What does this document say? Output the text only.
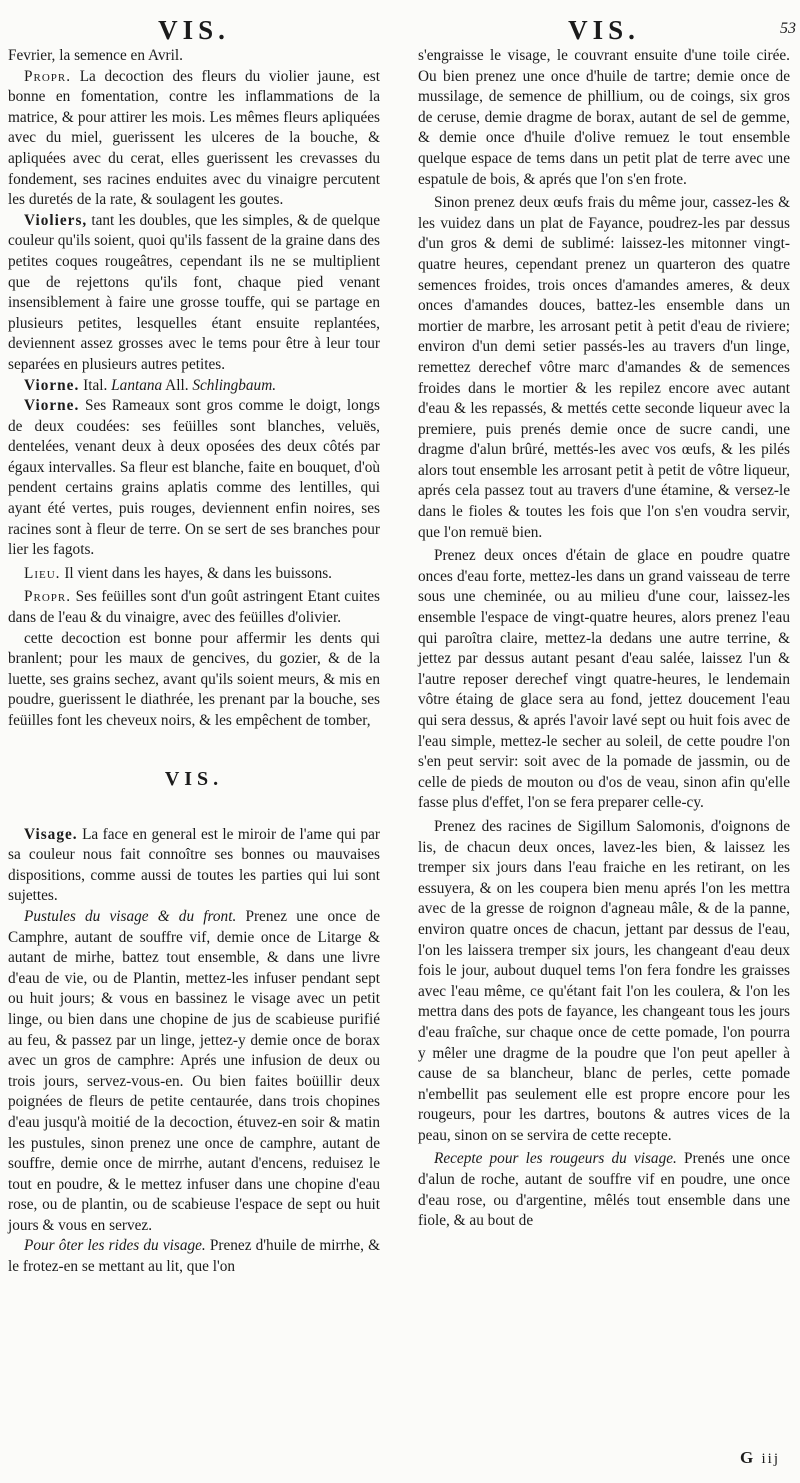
VIS.

Fevrier, la semence en Avril.

Propr. La decoction des fleurs du violier jaune, est bonne en fomentation, contre les inflammations de la matrice, & pour attirer les mois. Les mêmes fleurs apliquées avec du miel, guerissent les ulceres de la bouche, & apliquées avec du cerat, elles guerissent les crevasses du fondement, ses racines enduites avec du vinaigre percutent les duretés de la rate, & soulagent les goutes.

Violiers, tant les doubles, que les simples, & de quelque couleur qu'ils soient, quoi qu'ils fassent de la graine dans des petites coques rougeâtres, cependant ils ne se multiplient que de rejettons qu'ils font, chaque pied venant insensiblement à faire une grosse touffe, qui se partage en plusieurs petites, lesquelles étant ensuite replantées, deviennent assez grosses avec le tems pour être à leur tour separées en plusieurs autres petites.

Viorne. Ital. Lantana All. Schlingbaum.

Viorne. Ses Rameaux sont gros comme le doigt, longs de deux coudées: ses feüilles sont blanches, veluës, dentelées, venant deux à deux oposées des deux côtés par égaux intervalles. Sa fleur est blanche, faite en bouquet, d'où pendent certains grains aplatis comme des lentilles, qui ayant été vertes, puis rouges, deviennent enfin noires, ses racines sont à fleur de terre. On se sert de ses branches pour lier les fagots.

Lieu. Il vient dans les hayes, & dans les buissons.

Propr. Ses feüilles sont d'un goût astringent Etant cuites dans de l'eau & du vinaigre, avec des feüilles d'olivier.

cette decoction est bonne pour affermir les dents qui branlent; pour les maux de gencives, du gozier, & de la luette, ses grains sechez, avant qu'ils soient meurs, & mis en poudre, guerissent le diathrée, les prenant par la bouche, ses feüilles font les cheveux noirs, & les empêchent de tomber,

VIS.

Visage. La face en general est le miroir de l'ame qui par sa couleur nous fait connoître ses bonnes ou mauvaises dispositions, comme aussi de toutes les parties qui lui sont sujettes.

Pustules du visage & du front. Prenez une once de Camphre, autant de souffre vif, demie once de Litarge & autant de mirhe, battez tout ensemble, & dans une livre d'eau de vie, ou de Plantin, mettez-les infuser pendant sept ou huit jours; & vous en bassinez le visage avec un petit linge, ou bien dans une chopine de jus de scabieuse purifié au feu, & passez par un linge, jettez-y demie once de borax avec un gros de camphre: Aprés une infusion de deux ou trois jours, servez-vous-en. Ou bien faites boüillir deux poignées de fleurs de petite centaurée, dans trois chopines d'eau jusqu'à moitié de la decoction, étuvez-en soir & matin les pustules, sinon prenez une once de camphre, autant de souffre, demie once de mirrhe, autant d'encens, reduisez le tout en poudre, & le mettez infuser dans une chopine d'eau rose, ou de plantin, ou de scabieuse l'espace de sept ou huit jours & vous en servez.

Pour ôter les rides du visage. Prenez d'huile de mirrhe, & le frotez-en se mettant au lit, que l'on

VIS.

s'engraisse le visage, le couvrant ensuite d'une toile cirée. Ou bien prenez une once d'huile de tartre; demie once de mussilage, de semence de phillium, ou de coings, six gros de ceruse, demie dragme de borax, autant de sel de gemme, & demie once d'huile d'olive remuez le tout ensemble quelque espace de tems dans un petit plat de terre avec une espatule de bois, & aprés que l'on s'en frote.

Sinon prenez deux œufs frais du même jour, cassez-les & les vuidez dans un plat de Fayance, poudrez-les par dessus d'un gros & demi de sublimé: laissez-les mitonner vingt-quatre heures, cependant prenez un quarteron des quatre semences froides, trois onces d'amandes ameres, & deux onces d'amandes douces, battez-les ensemble dans un mortier de marbre, les arrosant petit à petit d'eau de riviere; environ d'un demi setier passés-les au travers d'un linge, remettez derechef vôtre marc d'amandes & de semences froides dans le mortier & les repilez encore avec autant d'eau & les repassés, & mettés cette seconde liqueur avec la premiere, puis prenés demie once de sucre candi, une dragme d'alun brûré, mettés-les avec vos œufs, & les pilés alors tout ensemble les arrosant petit à petit de vôtre liqueur, aprés cela passez tout au travers d'une étamine, & versez-le dans le fioles & toutes les fois que l'on s'en voudra servir, que l'on remuë bien.

Prenez deux onces d'étain de glace en poudre quatre onces d'eau forte, mettez-les dans un grand vaisseau de terre sous une cheminée, ou au milieu d'une cour, laissez-les ensemble l'espace de vingt-quatre heures, alors prenez l'eau qui paroîtra claire, mettez-la dedans une autre terrine, & jettez par dessus autant pesant d'eau salée, laissez l'un & l'autre reposer derechef vingt quatre-heures, le lendemain vôtre étaing de glace sera au fond, jettez doucement l'eau qui sera dessus, & aprés l'avoir lavé sept ou huit fois avec de l'eau simple, mettez-le secher au soleil, de cette poudre l'on s'en peut servir: soit avec de la pomade de jassmin, ou de celle de pieds de mouton ou d'os de veau, sinon afin qu'elle fasse plus d'effet, l'on se fera preparer celle-cy.

Prenez des racines de Sigillum Salomonis, d'oignons de lis, de chacun deux onces, lavez-les bien, & laissez les tremper six jours dans l'eau fraiche en les retirant, on les essuyera, & on les coupera bien menu aprés l'on les mettra avec de la gresse de roignon d'agneau mâle, & de la panne, environ quatre onces de chacun, jettant par dessus de l'eau, l'on les laissera tremper six jours, les changeant d'eau deux fois le jour, aubout duquel tems l'on fera fondre les graisses avec l'eau même, ce qu'étant fait l'on les coulera, & l'on les mettra dans des pots de fayance, les changeant tous les jours d'eau fraîche, sur chaque once de cette pomade, l'on pourra y mêler une dragme de la poudre que l'on peut apeller à cause de sa blancheur, blanc de perles, cette pomade n'embellit pas seulement elle est propre encore pour les rougeurs, pour les dartres, boutons & autres vices de la peau, sinon on se servira de cette recepte.

Recepte pour les rougeurs du visage. Prenés une once d'alun de roche, autant de souffre vif en poudre, une once d'eau rose, ou d'argentine, mêlés tout ensemble dans une fiole, & au bout de

53
G iij
